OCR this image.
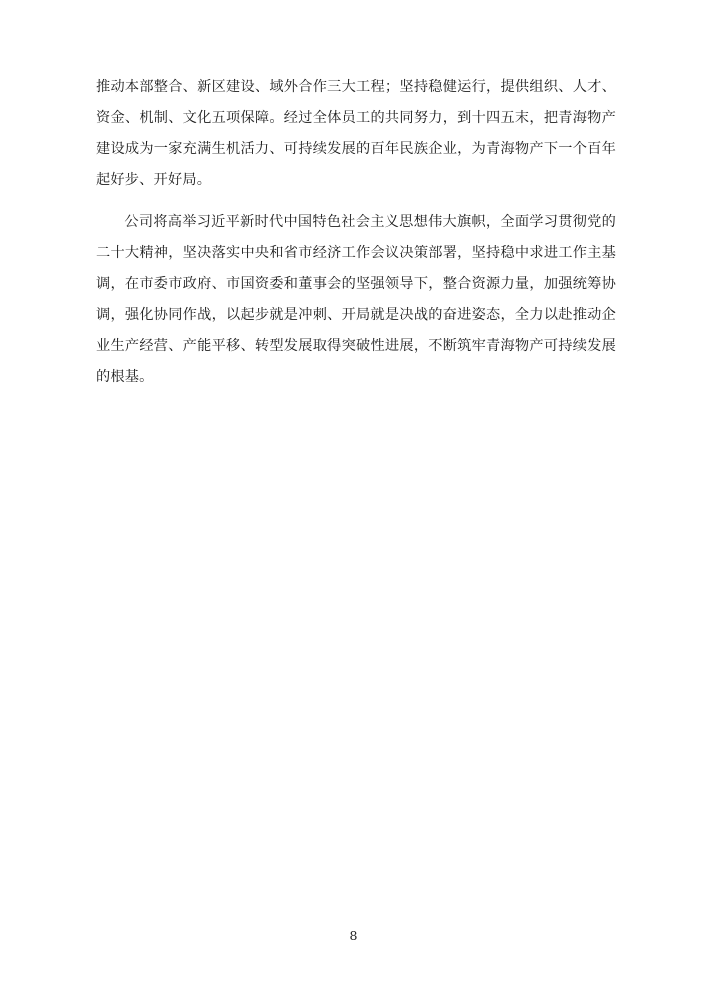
推动本部整合、新区建设、域外合作三大工程；坚持稳健运行，提供组织、人才、资金、机制、文化五项保障。经过全体员工的共同努力，到十四五末，把青海物产建设成为一家充满生机活力、可持续发展的百年民族企业，为青海物产下一个百年起好步、开好局。

公司将高举习近平新时代中国特色社会主义思想伟大旗帜，全面学习贯彻党的二十大精神，坚决落实中央和省市经济工作会议决策部署，坚持稳中求进工作主基调，在市委市政府、市国资委和董事会的坚强领导下，整合资源力量，加强统筹协调，强化协同作战，以起步就是冲刺、开局就是决战的奋进姿态，全力以赴推动企业生产经营、产能平移、转型发展取得突破性进展，不断筑牢青海物产可持续发展的根基。

8
